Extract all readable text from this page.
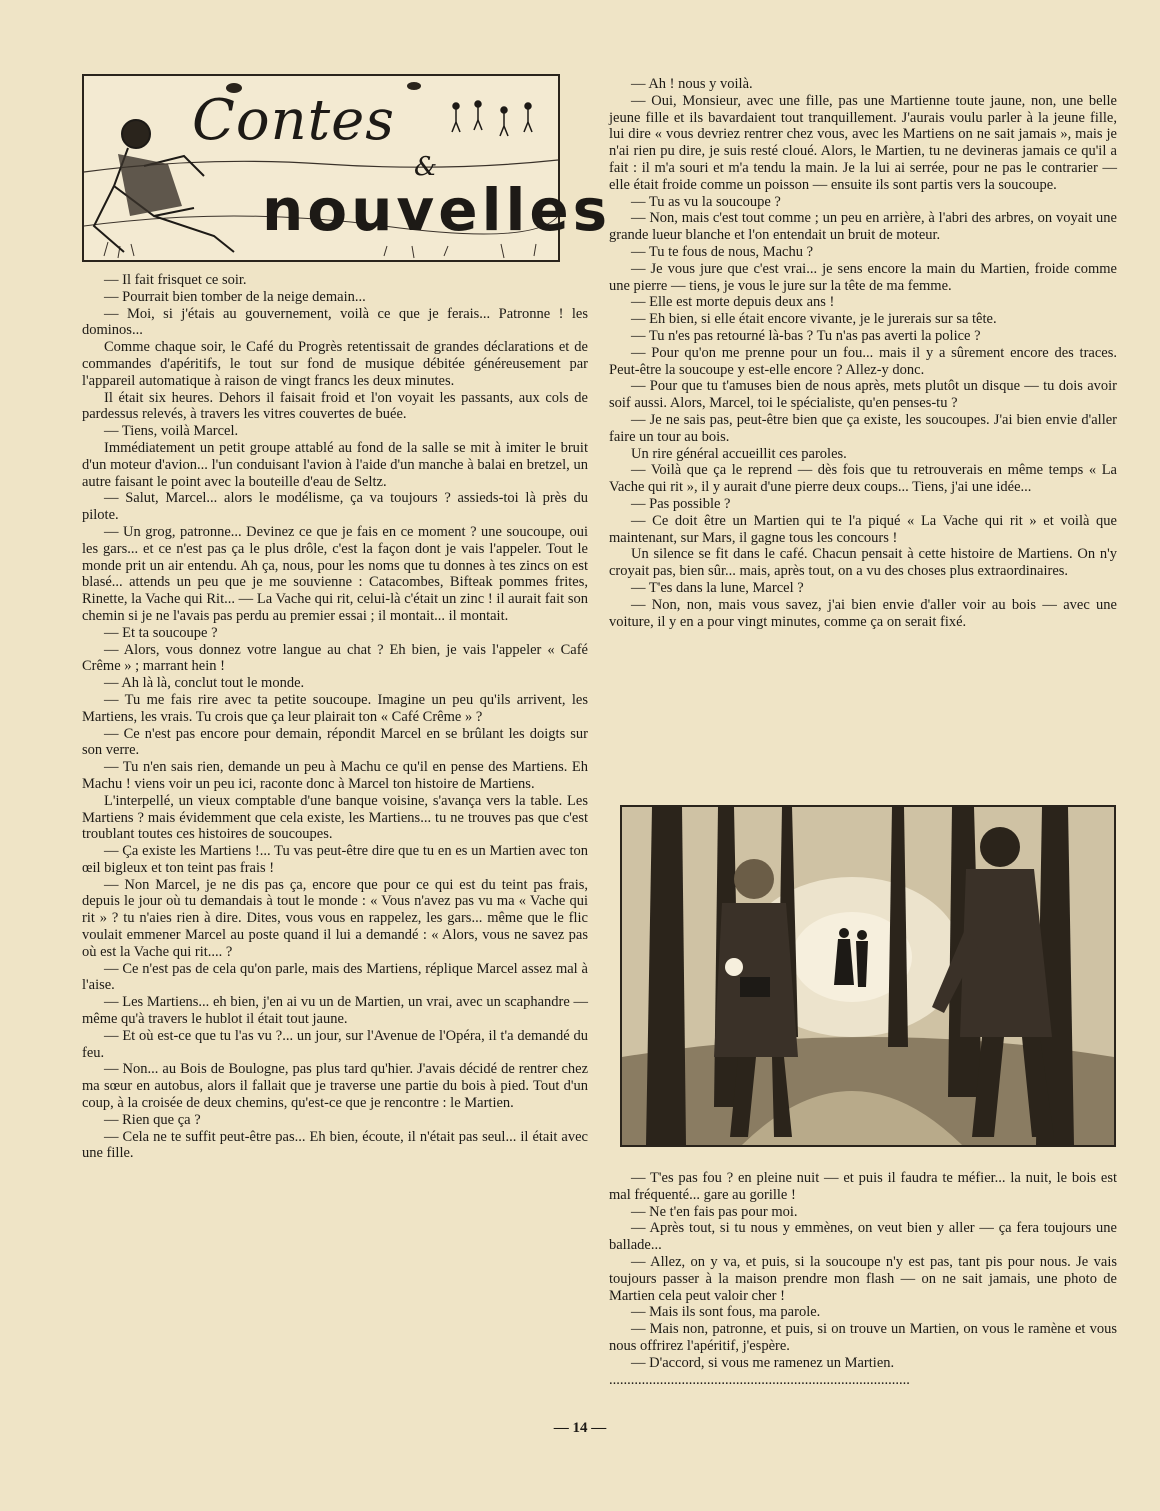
Contes
&
nouvelles

— Il fait frisquet ce soir.

— Pourrait bien tomber de la neige demain...

— Moi, si j'étais au gouvernement, voilà ce que je ferais... Patronne ! les dominos...

Comme chaque soir, le Café du Progrès retentissait de grandes déclarations et de commandes d'apéritifs, le tout sur fond de musique débitée généreusement par l'appareil automatique à raison de vingt francs les deux minutes.

Il était six heures. Dehors il faisait froid et l'on voyait les passants, aux cols de pardessus relevés, à travers les vitres couvertes de buée.

— Tiens, voilà Marcel.

Immédiatement un petit groupe attablé au fond de la salle se mit à imiter le bruit d'un moteur d'avion... l'un conduisant l'avion à l'aide d'un manche à balai en bretzel, un autre faisant le point avec la bouteille d'eau de Seltz.

— Salut, Marcel... alors le modélisme, ça va toujours ? assieds-toi là près du pilote.

— Un grog, patronne... Devinez ce que je fais en ce moment ? une soucoupe, oui les gars... et ce n'est pas ça le plus drôle, c'est la façon dont je vais l'appeler. Tout le monde prit un air entendu. Ah ça, nous, pour les noms que tu donnes à tes zincs on est blasé... attends un peu que je me souvienne : Catacombes, Bifteak pommes frites, Rinette, la Vache qui Rit... — La Vache qui rit, celui-là c'était un zinc ! il aurait fait son chemin si je ne l'avais pas perdu au premier essai ; il montait... il montait.

— Et ta soucoupe ?

— Alors, vous donnez votre langue au chat ? Eh bien, je vais l'appeler « Café Crême » ; marrant hein !

— Ah là là, conclut tout le monde.

— Tu me fais rire avec ta petite soucoupe. Imagine un peu qu'ils arrivent, les Martiens, les vrais. Tu crois que ça leur plairait ton « Café Crême » ?

— Ce n'est pas encore pour demain, répondit Marcel en se brûlant les doigts sur son verre.

— Tu n'en sais rien, demande un peu à Machu ce qu'il en pense des Martiens. Eh Machu ! viens voir un peu ici, raconte donc à Marcel ton histoire de Martiens.

L'interpellé, un vieux comptable d'une banque voisine, s'avança vers la table. Les Martiens ? mais évidemment que cela existe, les Martiens... tu ne trouves pas que c'est troublant toutes ces histoires de soucoupes.

— Ça existe les Martiens !... Tu vas peut-être dire que tu en es un Martien avec ton œil bigleux et ton teint pas frais !

— Non Marcel, je ne dis pas ça, encore que pour ce qui est du teint pas frais, depuis le jour où tu demandais à tout le monde : « Vous n'avez pas vu ma « Vache qui rit » ? tu n'aies rien à dire. Dites, vous vous en rappelez, les gars... même que le flic voulait emmener Marcel au poste quand il lui a demandé : « Alors, vous ne savez pas où est la Vache qui rit.... ?

— Ce n'est pas de cela qu'on parle, mais des Martiens, réplique Marcel assez mal à l'aise.

— Les Martiens... eh bien, j'en ai vu un de Martien, un vrai, avec un scaphandre — même qu'à travers le hublot il était tout jaune.

— Et où est-ce que tu l'as vu ?... un jour, sur l'Avenue de l'Opéra, il t'a demandé du feu.

— Non... au Bois de Boulogne, pas plus tard qu'hier. J'avais décidé de rentrer chez ma sœur en autobus, alors il fallait que je traverse une partie du bois à pied. Tout d'un coup, à la croisée de deux chemins, qu'est-ce que je rencontre : le Martien.

— Rien que ça ?

— Cela ne te suffit peut-être pas... Eh bien, écoute, il n'était pas seul... il était avec une fille.

— Ah ! nous y voilà.

— Oui, Monsieur, avec une fille, pas une Martienne toute jaune, non, une belle jeune fille et ils bavardaient tout tranquillement. J'aurais voulu parler à la jeune fille, lui dire « vous devriez rentrer chez vous, avec les Martiens on ne sait jamais », mais je n'ai rien pu dire, je suis resté cloué. Alors, le Martien, tu ne devineras jamais ce qu'il a fait : il m'a souri et m'a tendu la main. Je la lui ai serrée, pour ne pas le contrarier — elle était froide comme un poisson — ensuite ils sont partis vers la soucoupe.

— Tu as vu la soucoupe ?

— Non, mais c'est tout comme ; un peu en arrière, à l'abri des arbres, on voyait une grande lueur blanche et l'on entendait un bruit de moteur.

— Tu te fous de nous, Machu ?

— Je vous jure que c'est vrai... je sens encore la main du Martien, froide comme une pierre — tiens, je vous le jure sur la tête de ma femme.

— Elle est morte depuis deux ans !

— Eh bien, si elle était encore vivante, je le jurerais sur sa tête.

— Tu n'es pas retourné là-bas ? Tu n'as pas averti la police ?

— Pour qu'on me prenne pour un fou... mais il y a sûrement encore des traces. Peut-être la soucoupe y est-elle encore ? Allez-y donc.

— Pour que tu t'amuses bien de nous après, mets plutôt un disque — tu dois avoir soif aussi. Alors, Marcel, toi le spécialiste, qu'en penses-tu ?

— Je ne sais pas, peut-être bien que ça existe, les soucoupes. J'ai bien envie d'aller faire un tour au bois.

Un rire général accueillit ces paroles.

— Voilà que ça le reprend — dès fois que tu retrouverais en même temps « La Vache qui rit », il y aurait d'une pierre deux coups... Tiens, j'ai une idée...

— Pas possible ?

— Ce doit être un Martien qui te l'a piqué « La Vache qui rit » et voilà que maintenant, sur Mars, il gagne tous les concours !

Un silence se fit dans le café. Chacun pensait à cette histoire de Martiens. On n'y croyait pas, bien sûr... mais, après tout, on a vu des choses plus extraordinaires.

— T'es dans la lune, Marcel ?

— Non, non, mais vous savez, j'ai bien envie d'aller voir au bois — avec une voiture, il y en a pour vingt minutes, comme ça on serait fixé.

— T'es pas fou ? en pleine nuit — et puis il faudra te méfier... la nuit, le bois est mal fréquenté... gare au gorille !

— Ne t'en fais pas pour moi.

— Après tout, si tu nous y emmènes, on veut bien y aller — ça fera toujours une ballade...

— Allez, on y va, et puis, si la soucoupe n'y est pas, tant pis pour nous. Je vais toujours passer à la maison prendre mon flash — on ne sait jamais, une photo de Martien cela peut valoir cher !

— Mais ils sont fous, ma parole.

— Mais non, patronne, et puis, si on trouve un Martien, on vous le ramène et vous nous offrirez l'apéritif, j'espère.

— D'accord, si vous me ramenez un Martien.

...................................................................................

— 14 —
